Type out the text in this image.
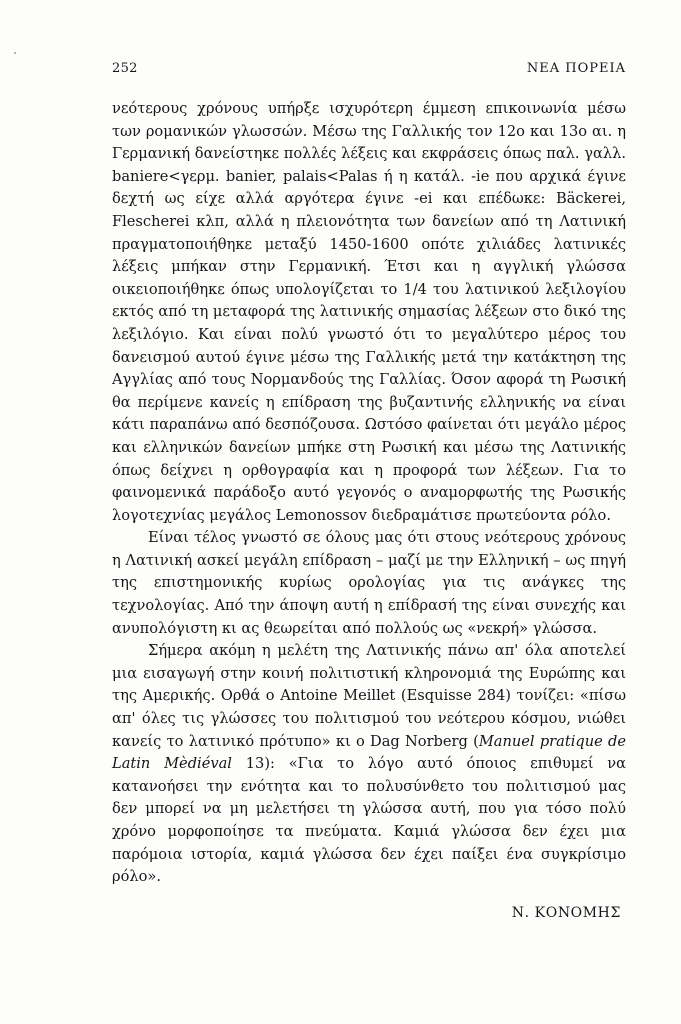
252	ΝΕΑ ΠΟΡΕΙΑ

νεότερους χρόνους υπήρξε ισχυρότερη έμμεση επικοινωνία μέσω των ρομανικών γλωσσών. Μέσω της Γαλλικής τον 12ο και 13ο αι. η Γερμανική δανείστηκε πολλές λέξεις και εκφράσεις όπως παλ. γαλλ. baniere<γερμ. banier, palais<Palas ή η κατάλ. -ie που αρχικά έγινε δεχτή ως είχε αλλά αργότερα έγινε -ei και επέδωκε: Bäckerei, Flescherei κλπ, αλλά η πλειονότητα των δανείων από τη Λατινική πραγματοποιήθηκε μεταξύ 1450-1600 οπότε χιλιάδες λατινικές λέξεις μπήκαν στην Γερμανική. Έτσι και η αγγλική γλώσσα οικειοποιήθηκε όπως υπολογίζεται το 1/4 του λατινικού λεξιλογίου εκτός από τη μεταφορά της λατινικής σημασίας λέξεων στο δικό της λεξιλόγιο. Και είναι πολύ γνωστό ότι το μεγαλύτερο μέρος του δανεισμού αυτού έγινε μέσω της Γαλλικής μετά την κατάκτηση της Αγγλίας από τους Νορμανδούς της Γαλλίας. Όσον αφορά τη Ρωσική θα περίμενε κανείς η επίδραση της βυζαντινής ελληνικής να είναι κάτι παραπάνω από δεσπόζουσα. Ωστόσο φαίνεται ότι μεγάλο μέρος και ελληνικών δανείων μπήκε στη Ρωσική και μέσω της Λατινικής όπως δείχνει η ορθογραφία και η προφορά των λέξεων. Για το φαινομενικά παράδοξο αυτό γεγονός ο αναμορφωτής της Ρωσικής λογοτεχνίας μεγάλος Lemonossov διεδραμάτισε πρωτεύοντα ρόλο.

Είναι τέλος γνωστό σε όλους μας ότι στους νεότερους χρόνους η Λατινική ασκεί μεγάλη επίδραση – μαζί με την Ελληνική – ως πηγή της επιστημονικής κυρίως ορολογίας για τις ανάγκες της τεχνολογίας. Από την άποψη αυτή η επίδρασή της είναι συνεχής και ανυπολόγιστη κι ας θεωρείται από πολλούς ως «νεκρή» γλώσσα.

Σήμερα ακόμη η μελέτη της Λατινικής πάνω απ' όλα αποτελεί μια εισαγωγή στην κοινή πολιτιστική κληρονομιά της Ευρώπης και της Αμερικής. Ορθά ο Antoine Meillet (Esquisse 284) τονίζει: «πίσω απ' όλες τις γλώσσες του πολιτισμού του νεότερου κόσμου, νιώθει κανείς το λατινικό πρότυπο» κι ο Dag Norberg (Manuel pratique de Latin Mèdiéval 13): «Για το λόγο αυτό όποιος επιθυμεί να κατανοήσει την ενότητα και το πολυσύνθετο του πολιτισμού μας δεν μπορεί να μη μελετήσει τη γλώσσα αυτή, που για τόσο πολύ χρόνο μορφοποίησε τα πνεύματα. Καμιά γλώσσα δεν έχει μια παρόμοια ιστορία, καμιά γλώσσα δεν έχει παίξει ένα συγκρίσιμο ρόλο».

Ν. ΚΟΝΟΜΗΣ
